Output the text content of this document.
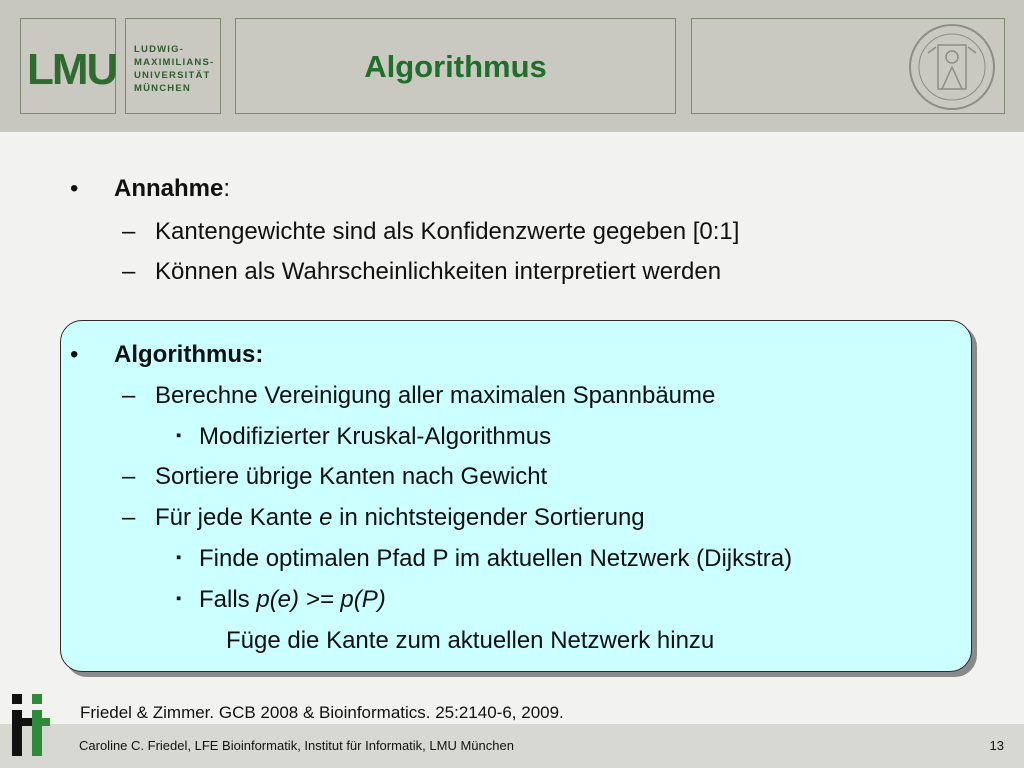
LMU LUDWIG-
MAXIMILIANS-
UNIVERSITÄT
MÜNCHEN
Algorithmus
• Annahme:
– Kantengewichte sind als Konfidenzwerte gegeben [0:1]
– Können als Wahrscheinlichkeiten interpretiert werden
• Algorithmus:
– Berechne Vereinigung aller maximalen Spannbäume
▪ Modifizierter Kruskal-Algorithmus
– Sortiere übrige Kanten nach Gewicht
– Für jede Kante e in nichtsteigender Sortierung
▪ Finde optimalen Pfad P im aktuellen Netzwerk (Dijkstra)
▪ Falls p(e) >= p(P)
Füge die Kante zum aktuellen Netzwerk hinzu
Friedel & Zimmer. GCB 2008 & Bioinformatics. 25:2140-6, 2009.
Caroline C. Friedel, LFE Bioinformatik, Institut für Informatik, LMU München	13
